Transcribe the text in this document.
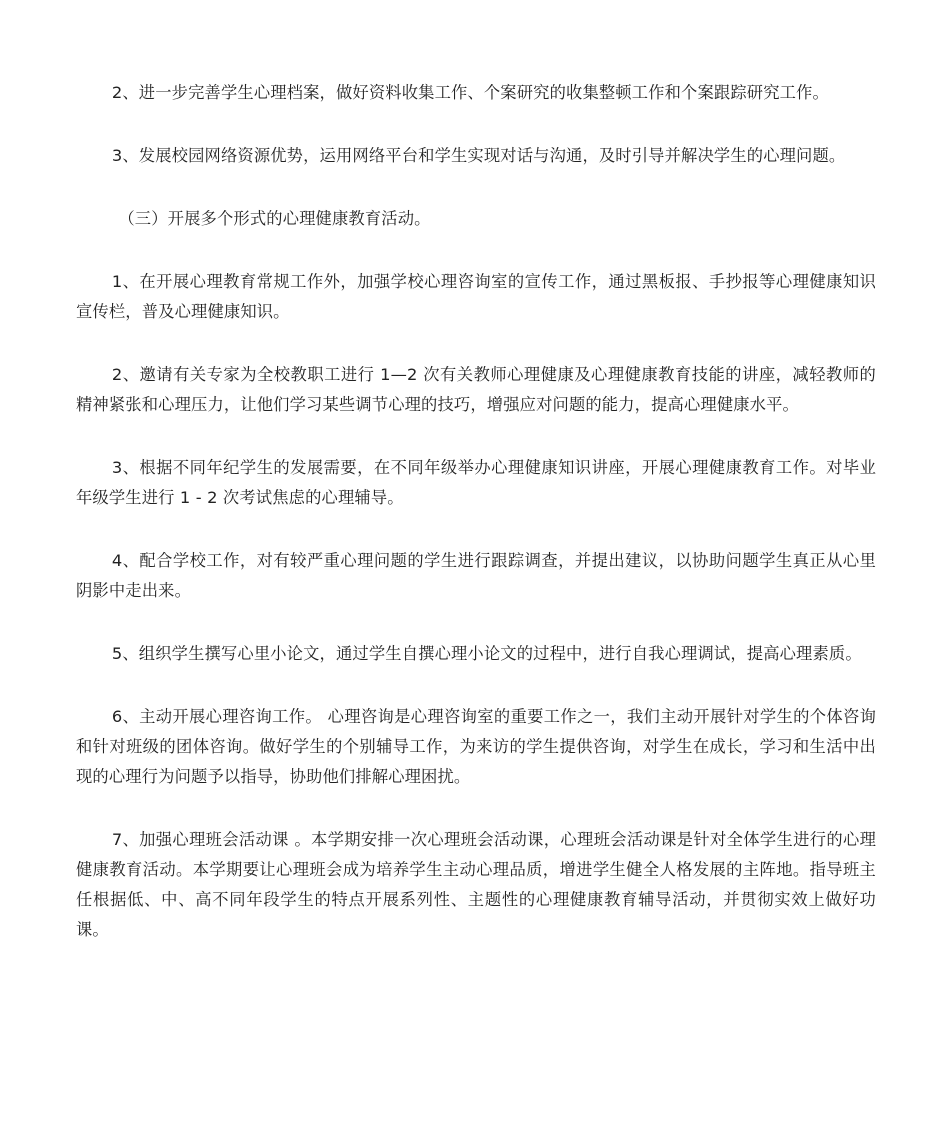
2、进一步完善学生心理档案，做好资料收集工作、个案研究的收集整顿工作和个案跟踪研究工作。

3、发展校园网络资源优势，运用网络平台和学生实现对话与沟通，及时引导并解决学生的心理问题。

（三）开展多个形式的心理健康教育活动。

1、在开展心理教育常规工作外，加强学校心理咨询室的宣传工作，通过黑板报、手抄报等心理健康知识宣传栏，普及心理健康知识。

2、邀请有关专家为全校教职工进行 1—2 次有关教师心理健康及心理健康教育技能的讲座，减轻教师的精神紧张和心理压力，让他们学习某些调节心理的技巧，增强应对问题的能力，提高心理健康水平。

3、根据不同年纪学生的发展需要，在不同年级举办心理健康知识讲座，开展心理健康教育工作。对毕业年级学生进行 1 - 2 次考试焦虑的心理辅导。

4、配合学校工作，对有较严重心理问题的学生进行跟踪调查，并提出建议，以协助问题学生真正从心里阴影中走出来。

5、组织学生撰写心里小论文，通过学生自撰心理小论文的过程中，进行自我心理调试，提高心理素质。

6、主动开展心理咨询工作。 心理咨询是心理咨询室的重要工作之一，我们主动开展针对学生的个体咨询和针对班级的团体咨询。做好学生的个别辅导工作，为来访的学生提供咨询，对学生在成长，学习和生活中出现的心理行为问题予以指导，协助他们排解心理困扰。

7、加强心理班会活动课 。本学期安排一次心理班会活动课，心理班会活动课是针对全体学生进行的心理健康教育活动。本学期要让心理班会成为培养学生主动心理品质，增进学生健全人格发展的主阵地。指导班主任根据低、中、高不同年段学生的特点开展系列性、主题性的心理健康教育辅导活动，并贯彻实效上做好功课。
